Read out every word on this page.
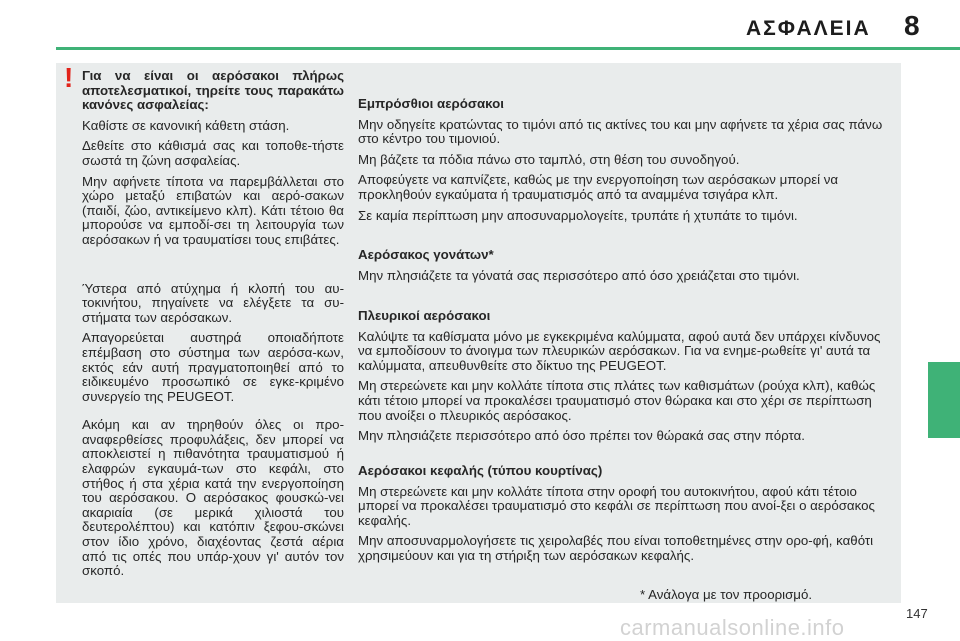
ΑΣΦΑΛΕΙΑ 8
! Για να είναι οι αερόσακοι πλήρως αποτελεσματικοί, τηρείτε τους παρακάτω κανόνες ασφαλείας:

Καθίστε σε κανονική κάθετη στάση.

Δεθείτε στο κάθισμά σας και τοποθε-τήστε σωστά τη ζώνη ασφαλείας.

Μην αφήνετε τίποτα να παρεμβάλλεται στο χώρο μεταξύ επιβατών και αερό-σακων (παιδί, ζώο, αντικείμενο κλπ). Κάτι τέτοιο θα μπορούσε να εμποδί-σει τη λειτουργία των αερόσακων ή να τραυματίσει τους επιβάτες.

Ύστερα από ατύχημα ή κλοπή του αυ-τοκινήτου, πηγαίνετε να ελέγξετε τα συ-στήματα των αερόσακων.

Απαγορεύεται αυστηρά οποιαδήποτε επέμβαση στο σύστημα των αερόσα-κων, εκτός εάν αυτή πραγματοποιηθεί από το ειδικευμένο προσωπικό σε εγκε-κριμένο συνεργείο της PEUGEOT.

Ακόμη και αν τηρηθούν όλες οι προ-αναφερθείσες προφυλάξεις, δεν μπορεί να αποκλειστεί η πιθανότητα τραυματισμού ή ελαφρών εγκαυμά-των στο κεφάλι, στο στήθος ή στα χέρια κατά την ενεργοποίηση του αερόσακου. Ο αερόσακος φουσκώ-νει ακαριαία (σε μερικά χιλιοστά του δευτερολέπτου) και κατόπιν ξεφου-σκώνει στον ίδιο χρόνο, διαχέοντας ζεστά αέρια από τις οπές που υπάρ-χουν γι' αυτόν τον σκοπό.

Εμπρόσθιοι αερόσακοι

Μην οδηγείτε κρατώντας το τιμόνι από τις ακτίνες του και μην αφήνετε τα χέρια σας πάνω στο κέντρο του τιμονιού.

Μη βάζετε τα πόδια πάνω στο ταμπλό, στη θέση του συνοδηγού.

Αποφεύγετε να καπνίζετε, καθώς με την ενεργοποίηση των αερόσακων μπορεί να προκληθούν εγκαύματα ή τραυματισμός από τα αναμμένα τσιγάρα κλπ.

Σε καμία περίπτωση μην αποσυναρμολογείτε, τρυπάτε ή χτυπάτε το τιμόνι.

Αερόσακος γονάτων*

Μην πλησιάζετε τα γόνατά σας περισσότερο από όσο χρειάζεται στο τιμόνι.

Πλευρικοί αερόσακοι

Καλύψτε τα καθίσματα μόνο με εγκεκριμένα καλύμματα, αφού αυτά δεν υπάρχει κίνδυνος να εμποδίσουν το άνοιγμα των πλευρικών αερόσακων. Για να ενημε-ρωθείτε γι' αυτά τα καλύμματα, απευθυνθείτε στο δίκτυο της PEUGEOT.

Μη στερεώνετε και μην κολλάτε τίποτα στις πλάτες των καθισμάτων (ρούχα κλπ), καθώς κάτι τέτοιο μπορεί να προκαλέσει τραυματισμό στον θώρακα και στο χέρι σε περίπτωση που ανοίξει ο πλευρικός αερόσακος.

Μην πλησιάζετε περισσότερο από όσο πρέπει τον θώρακά σας στην πόρτα.

Αερόσακοι κεφαλής (τύπου κουρτίνας)

Μη στερεώνετε και μην κολλάτε τίποτα στην οροφή του αυτοκινήτου, αφού κάτι τέτοιο μπορεί να προκαλέσει τραυματισμό στο κεφάλι σε περίπτωση που ανοί-ξει ο αερόσακος κεφαλής.

Μην αποσυναρμολογήσετε τις χειρολαβές που είναι τοποθετημένες στην ορο-φή, καθότι χρησιμεύουν και για τη στήριξη των αερόσακων κεφαλής.

* Ανάλογα με τον προορισμό.
147
carmanualsonline.info
